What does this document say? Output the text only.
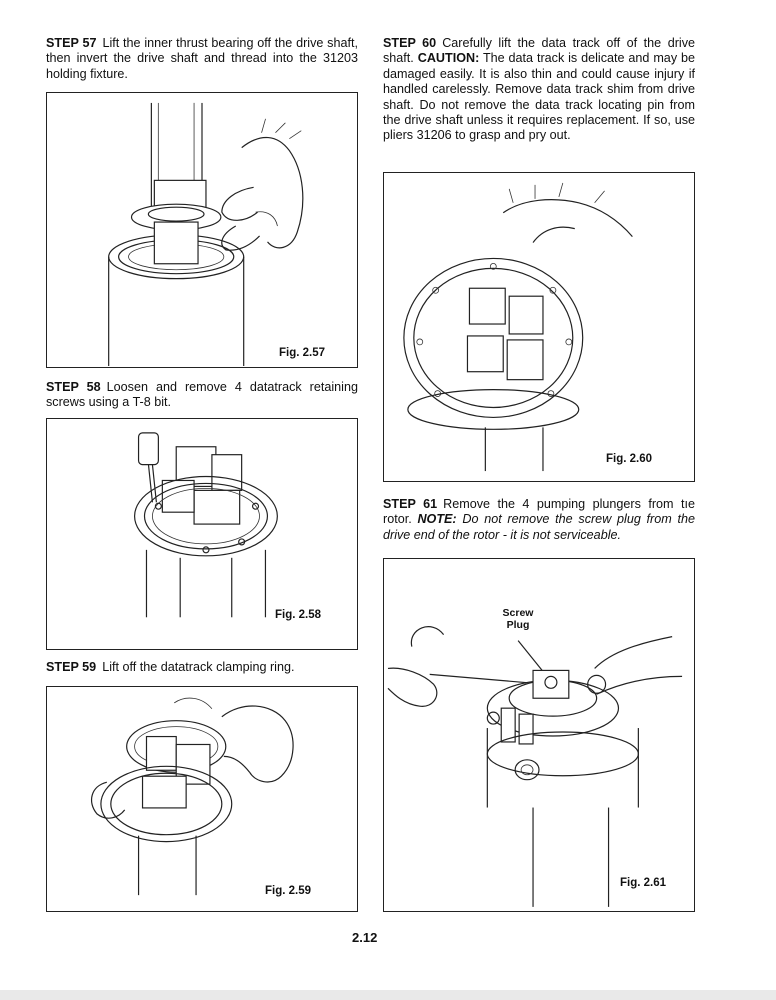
STEP 57 Lift the inner thrust bearing off the drive shaft, then invert the drive shaft and thread into the 31203 holding fixture.

Fig. 2.57

STEP 58 Loosen and remove 4 datatrack retaining screws using a T-8 bit.

Fig. 2.58

STEP 59 Lift off the datatrack clamping ring.

Fig. 2.59

STEP 60 Carefully lift the data track off of the drive shaft. CAUTION: The data track is delicate and may be damaged easily. It is also thin and could cause injury if handled carelessly. Remove data track shim from drive shaft. Do not remove the data track locating pin from the drive shaft unless it requires replacement. If so, use pliers 31206 to grasp and pry out.

Fig. 2.60

STEP 61 Remove the 4 pumping plungers from tıe rotor. NOTE: Do not remove the screw plug from the drive end of the rotor - it is not serviceable.

Screw
Plug
Fig. 2.61
2.12
